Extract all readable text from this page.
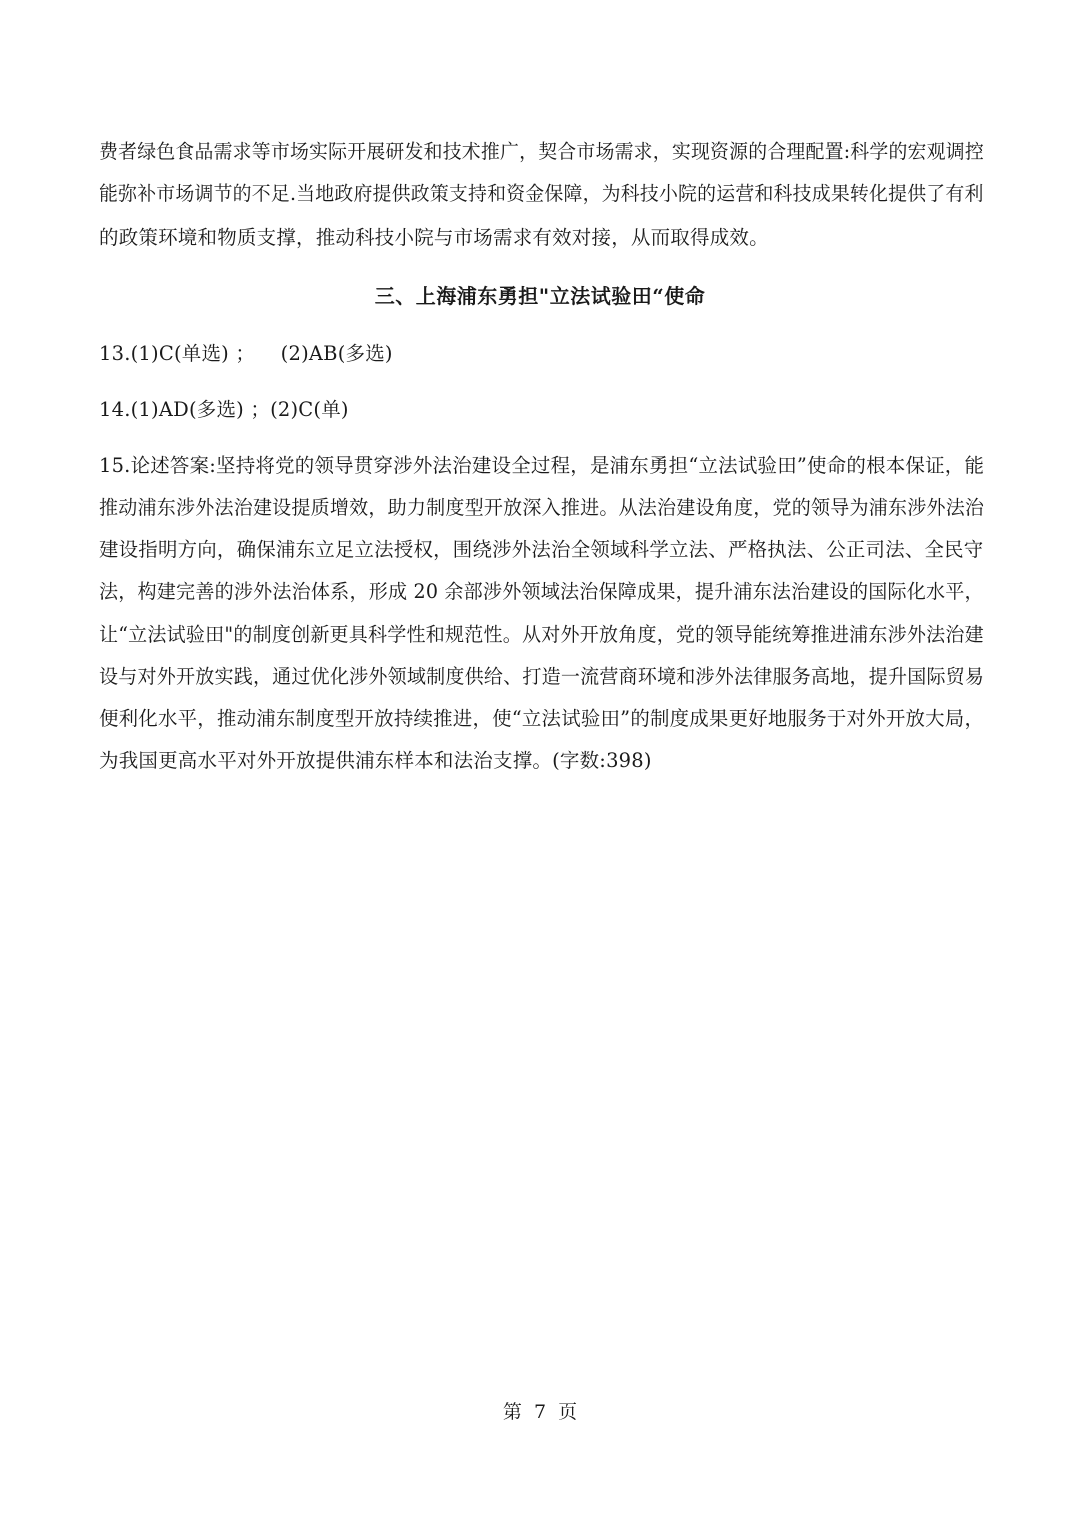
费者绿色食品需求等市场实际开展研发和技术推广，契合市场需求，实现资源的合理配置:科学的宏观调控
能弥补市场调节的不足.当地政府提供政策支持和资金保障，为科技小院的运营和科技成果转化提供了有利
的政策环境和物质支撑，推动科技小院与市场需求有效对接，从而取得成效。
三、上海浦东勇担"立法试验田“使命
13.(1)C(单选) ；    (2)AB(多选)
14.(1)AD(多选) ；(2)C(单)
15.论述答案:坚持将党的领导贯穿涉外法治建设全过程，是浦东勇担“立法试验田”使命的根本保证，能
推动浦东涉外法治建设提质增效，助力制度型开放深入推进。从法治建设角度，党的领导为浦东涉外法治
建设指明方向，确保浦东立足立法授权，围绕涉外法治全领域科学立法、严格执法、公正司法、全民守
法，构建完善的涉外法治体系，形成 20 余部涉外领域法治保障成果，提升浦东法治建设的国际化水平，
让“立法试验田"的制度创新更具科学性和规范性。从对外开放角度，党的领导能统筹推进浦东涉外法治建
设与对外开放实践，通过优化涉外领域制度供给、打造一流营商环境和涉外法律服务高地，提升国际贸易
便利化水平，推动浦东制度型开放持续推进，使“立法试验田”的制度成果更好地服务于对外开放大局，
为我国更高水平对外开放提供浦东样本和法治支撑。(字数:398)
第 7 页
